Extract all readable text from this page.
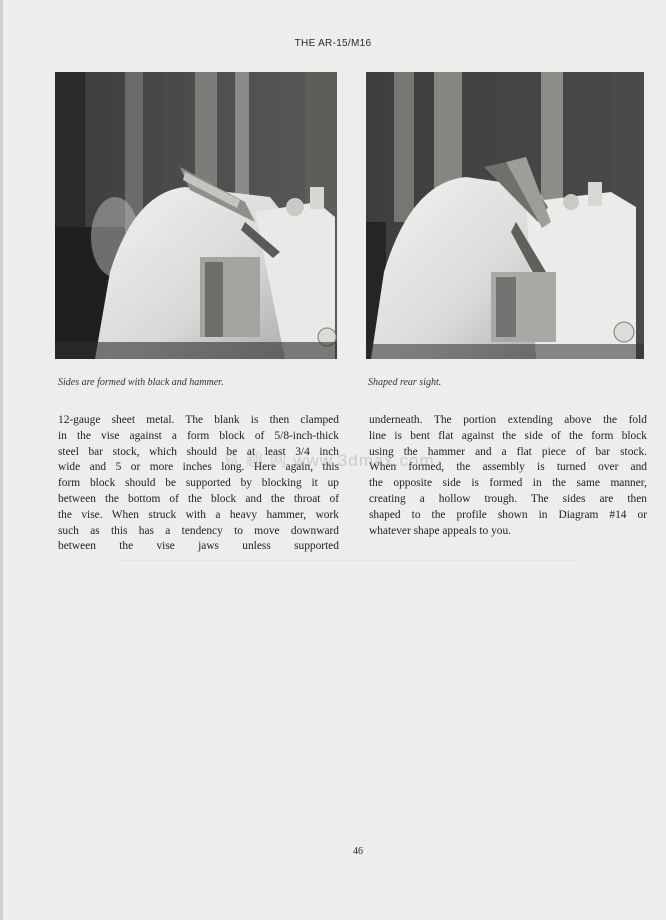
THE AR-15/M16
Sides are formed with black and hammer.	Shaped rear sight.
12-gauge sheet metal. The blank is then clamped
in the vise against a form block of 5/8-inch-thick
steel bar stock, which should be at least 3/4 inch
wide and 5 or more inches long. Here again, this
form block should be supported by blocking it up
between the bottom of the block and the throat of
the vise. When struck with a heavy hammer, work
such as this has a tendency to move downward
between the vise jaws unless supported
underneath. The portion extending above the fold
line is bent flat against the side of the form block
using the hammer and a flat piece of bar stock.
When formed, the assembly is turned over and
the opposite side is formed in the same manner,
creating a hollow trough. The sides are then
shaped to the profile shown in Diagram #14 or
whatever shape appeals to you.
易 趣 网 www.3dmax.com
46
